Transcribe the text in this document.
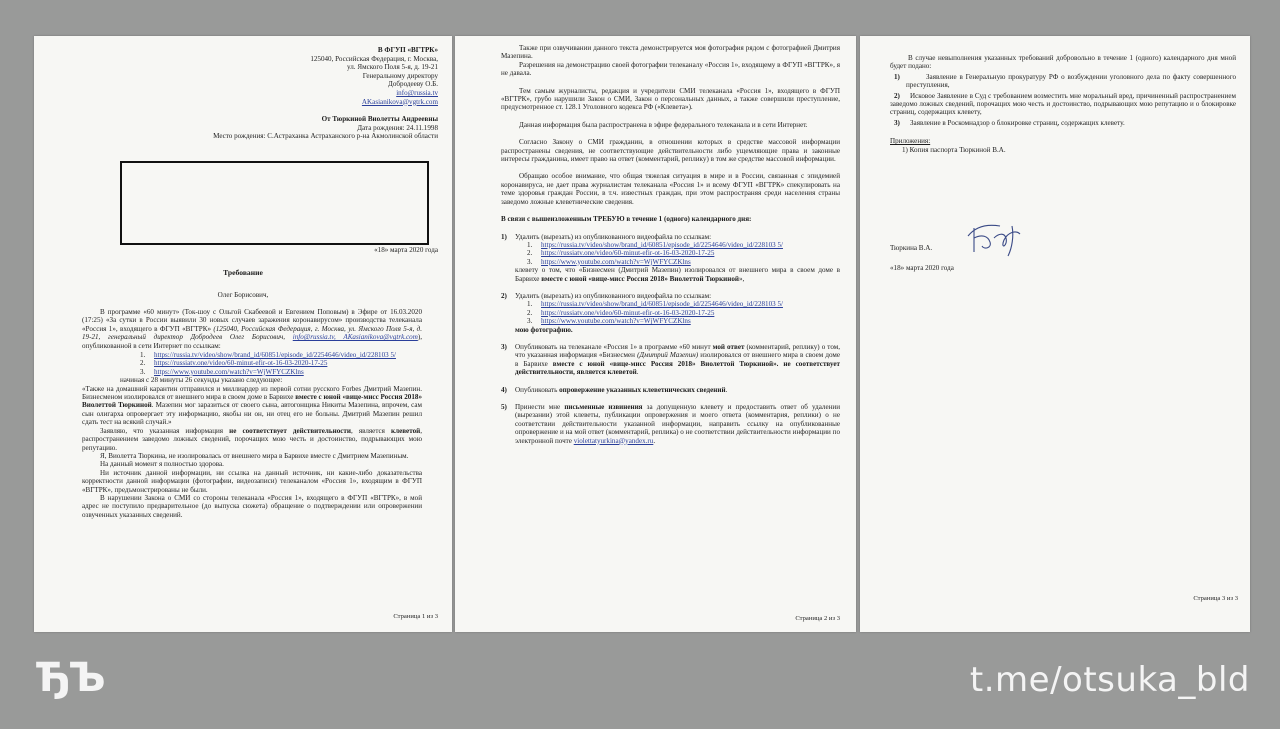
В ФГУП «ВГТРК»
125040, Российская Федерация, г. Москва,
ул. Ямского Поля 5-я, д. 19-21
Генеральному директору
Добродееву О.Б.
info@russia.tv
AKasianikova@vgtrk.com
От Тюркиной Виолетты Андреевны
Дата рождения: 24.11.1998
Место рождения: С.Астраханка Астраханского р-на Акмолинской области
«18» марта 2020 года
Требование
Олег Борисович,

В программе «60 минут» (Ток-шоу с Ольгой Скабеевой и Евгением Поповым) в Эфире от 16.03.2020 (17:25) «За сутки в России выявили 30 новых случаев заражения коронавирусом» производства телеканала «Россия 1», входящего в ФГУП «ВГТРК» (125040, Российская Федерация, г. Москва, ул. Ямского Поля 5-я, д. 19-21, генеральный директор Добродеев Олег Борисович, info@russia.tv, AKasianikova@vgtrk.com), опубликованной в сети Интернет по ссылкам:

1. https://russia.tv/video/show/brand_id/60851/episode_id/2254646/video_id/228103 5/
2. https://russiatv.one/video/60-minut-efir-ot-16-03-2020-17-25
3. https://www.youtube.com/watch?v=WjWFYCZKlns

начиная с 28 минуты 26 секунды указано следующее:

«Также на домашний карантин отправился и миллиардер из первой сотни русского Forbes Дмитрий Мазепин. Бизнесменом изолировался от внешнего мира в своем доме в Барвихе вместе с юной «вице-мисс Россия 2018» Виолеттой Тюркиной. Мазепин мог заразиться от своего сына, автогонщика Никиты Мазепина, впрочем, сам сын олигарха опровергает эту информацию, якобы ни он, ни отец его не больны. Дмитрий Мазепин решил сдать тест на всякий случай.»

Заявляю, что указанная информация не соответствует действительности, является клеветой, распространением заведомо ложных сведений, порочащих мою честь и достоинство, подрывающих мою репутацию.

Я, Виолетта Тюркина, не изолировалась от внешнего мира в Барвихе вместе с Дмитрием Мазепиным.

На данный момент я полностью здорова.

Ни источник данной информации, ни ссылка на данный источник, ни какие-либо доказательства корректности данной информации (фотографии, видеозаписи) телеканалом «Россия 1», входящим в ФГУП «ВГТРК», предъмонстрированы не были.

В нарушении Закона о СМИ со стороны телеканала «Россия 1», входящего в ФГУП «ВГТРК», в мой адрес не поступило предварительное (до выпуска сюжета) обращение о подтверждении или опровержении озвученных указанных сведений.

Страница 1 из 3

Также при озвучивании данного текста демонстрируется моя фотография рядом с фотографией Дмитрия Мазепина.

Разрешения на демонстрацию своей фотографии телеканалу «Россия 1», входящему в ФГУП «ВГТРК», я не давала.

Тем самым журналисты, редакция и учредители СМИ телеканала «Россия 1», входящего в ФГУП «ВГТРК», грубо нарушили Закон о СМИ, Закон о персональных данных, а также совершили преступление, предусмотренное ст. 128.1 Уголовного кодекса РФ («Клевета»).

Данная информация была распространена в эфире федерального телеканала и в сети Интернет.

Согласно Закону о СМИ гражданин, в отношении которых в средстве массовой информации распространены сведения, не соответствующие действительности либо ущемляющие права и законные интересы гражданина, имеет право на ответ (комментарий, реплику) в том же средстве массовой информации.

Обращаю особое внимание, что общая тяжелая ситуация в мире и в России, связанная с эпидемией коронавируса, не дает права журналистам телеканала «Россия 1» и всему ФГУП «ВГТРК» спекулировать на теме здоровья граждан России, в т.ч. известных граждан, при этом распространяя среди населения страны заведомо ложные клеветнические сведения.

В связи с вышеизложенным ТРЕБУЮ в течение 1 (одного) календарного дня:

1) Удалить (вырезать) из опубликованного видеофайла по ссылкам:
1. https://russia.tv/video/show/brand_id/60851/episode_id/2254646/video_id/228103 5/
2. https://russiatv.one/video/60-minut-efir-ot-16-03-2020-17-25
3. https://www.youtube.com/watch?v=WjWFYCZKlns
клевету о том, что «Бизнесмен (Дмитрий Мазепин) изолировался от внешнего мира в своем доме в Барвихе вместе с юной «вице-мисс Россия 2018» Виолеттой Тюркиной»,
2) Удалить (вырезать) из опубликованного видеофайла по ссылкам:
1. https://russia.tv/video/show/brand_id/60851/episode_id/2254646/video_id/228103 5/
2. https://russiatv.one/video/60-minut-efir-ot-16-03-2020-17-25
3. https://www.youtube.com/watch?v=WjWFYCZKlns
мою фотографию.
3) Опубликовать на телеканале «Россия 1» в программе «60 минут мой ответ (комментарий, реплику) о том, что указанная информация «Бизнесмен (Дмитрий Мазепин) изолировался от внешнего мира в своем доме в Барвихе вместе с юной «вице-мисс Россия 2018» Виолеттой Тюркиной». не соответствует действительности, является клеветой.
4) Опубликовать опровержение указанных клеветнических сведений.
5) Принести мне письменные извинения за допущенную клевету и предоставить ответ об удалении (вырезании) этой клеветы, публикации опровержения и моего ответа (комментария, реплики) о не соответствии действительности указанной информации, направить ссылку на опубликованные опровержение и на мой ответ (комментарий, реплика) о не соответствии действительности информации по электронной почте violettatyurkina@yandex.ru.
Страница 2 из 3

В случае невыполнения указанных требований добровольно в течение 1 (одного) календарного дня мной будет подано:

1)	Заявление в Генеральную прокуратуру РФ о возбуждении уголовного дела по факту совершенного преступления,
2)	Исковое Заявление в Суд с требованием возместить мне моральный вред, причиненный распространением заведомо ложных сведений, порочащих мою честь и достоинство, подрывающих мою репутацию и о блокировке страниц, содержащих клевету,
3)	Заявление в Роскомнадзор о блокировке страниц, содержащих клевету.
Приложения:
1) Копия паспорта Тюркиной В.А.
Тюркина В.А.
«18» марта 2020 года
Страница 3 из 3
ЂЪ	t.me/otsuka_bld
